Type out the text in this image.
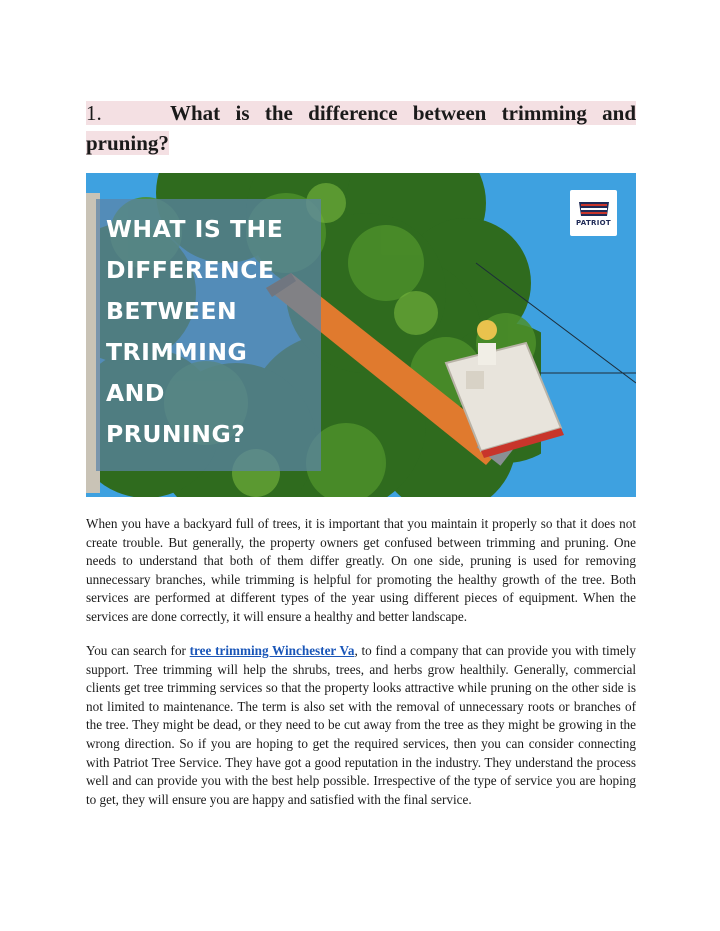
1.	What is the difference between trimming and pruning?
WHAT IS THE
DIFFERENCE
BETWEEN
TRIMMING
AND
PRUNING?
PATRIOT

When you have a backyard full of trees, it is important that you maintain it properly so that it does not create trouble. But generally, the property owners get confused between trimming and pruning. One needs to understand that both of them differ greatly. On one side, pruning is used for removing unnecessary branches, while trimming is helpful for promoting the healthy growth of the tree. Both services are performed at different types of the year using different pieces of equipment. When the services are done correctly, it will ensure a healthy and better landscape.

You can search for tree trimming Winchester Va, to find a company that can provide you with timely support. Tree trimming will help the shrubs, trees, and herbs grow healthily. Generally, commercial clients get tree trimming services so that the property looks attractive while pruning on the other side is not limited to maintenance. The term is also set with the removal of unnecessary roots or branches of the tree. They might be dead, or they need to be cut away from the tree as they might be growing in the wrong direction. So if you are hoping to get the required services, then you can consider connecting with Patriot Tree Service. They have got a good reputation in the industry. They understand the process well and can provide you with the best help possible. Irrespective of the type of service you are hoping to get, they will ensure you are happy and satisfied with the final service.
